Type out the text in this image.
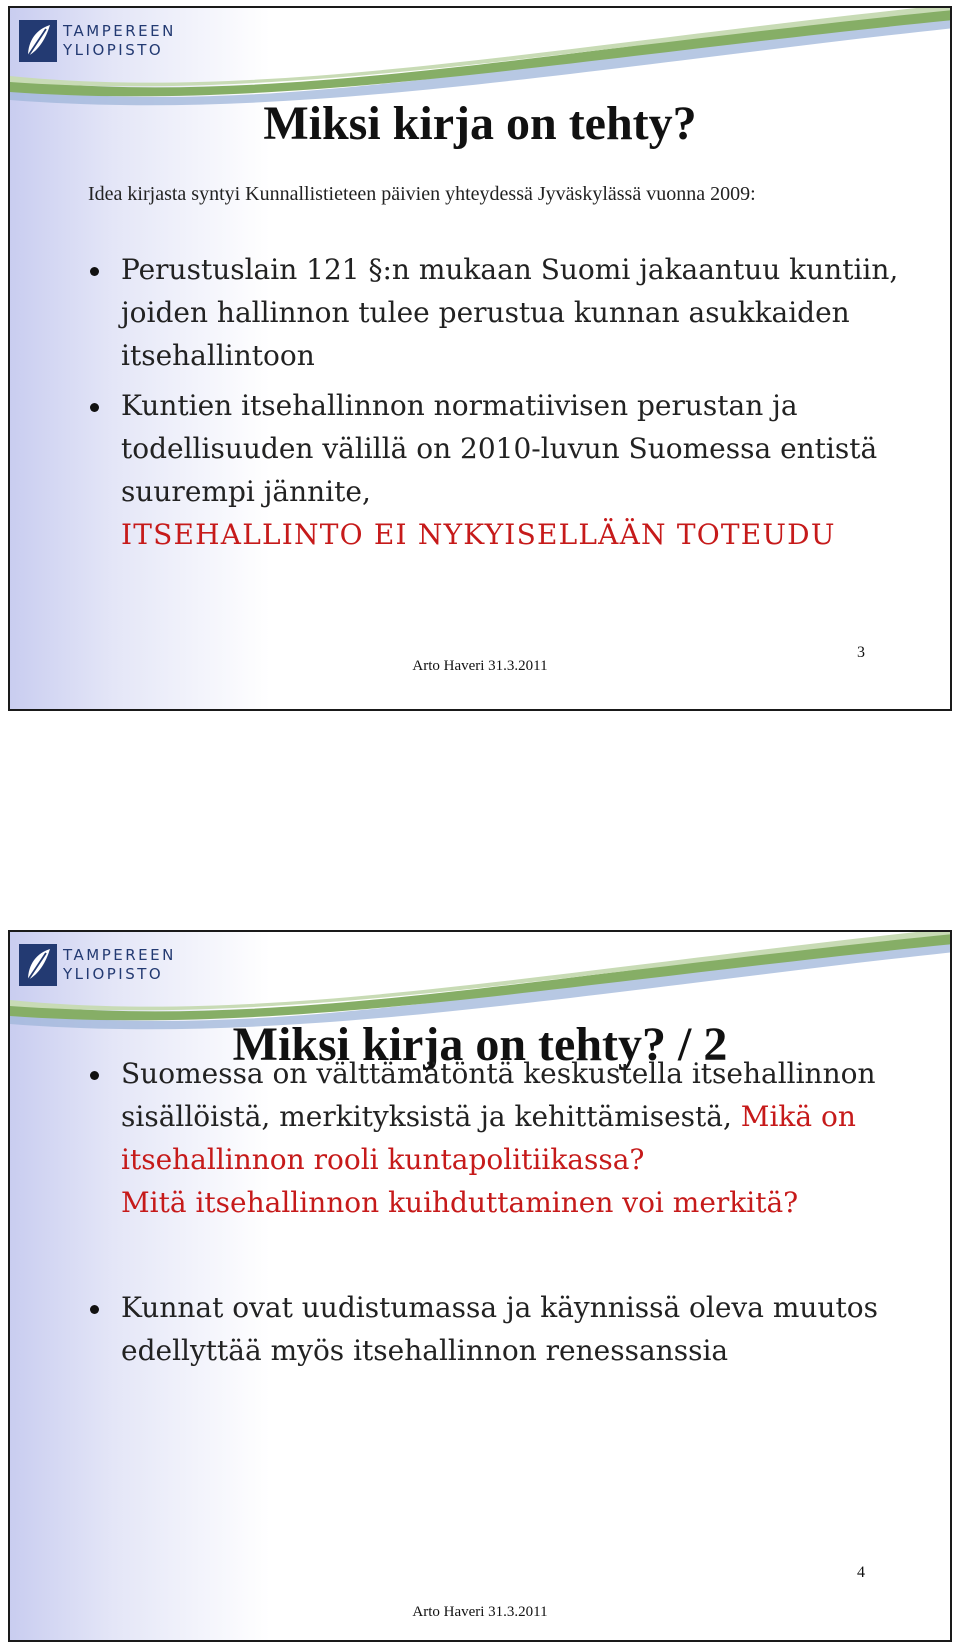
TAMPEREEN
YLIOPISTO
Miksi kirja on tehty?
Idea kirjasta syntyi Kunnallistieteen päivien yhteydessä Jyväskylässä vuonna 2009:
Perustuslain 121 §:n mukaan Suomi jakaantuu kuntiin, joiden hallinnon tulee perustua kunnan asukkaiden itsehallintoon
Kuntien itsehallinnon normatiivisen perustan ja todellisuuden välillä on 2010-luvun Suomessa entistä suurempi jännite,
ITSEHALLINTO EI NYKYISELLÄÄN TOTEUDU
Arto Haveri 31.3.2011
3
TAMPEREEN
YLIOPISTO
Miksi kirja on tehty? / 2
Suomessa on välttämätöntä keskustella itsehallinnon sisällöistä, merkityksistä ja kehittämisestä, Mikä on itsehallinnon rooli kuntapolitiikassa?
Mitä itsehallinnon kuihduttaminen voi merkitä?
Kunnat ovat uudistumassa ja käynnissä oleva muutos edellyttää myös itsehallinnon renessanssia
Arto Haveri 31.3.2011
4
